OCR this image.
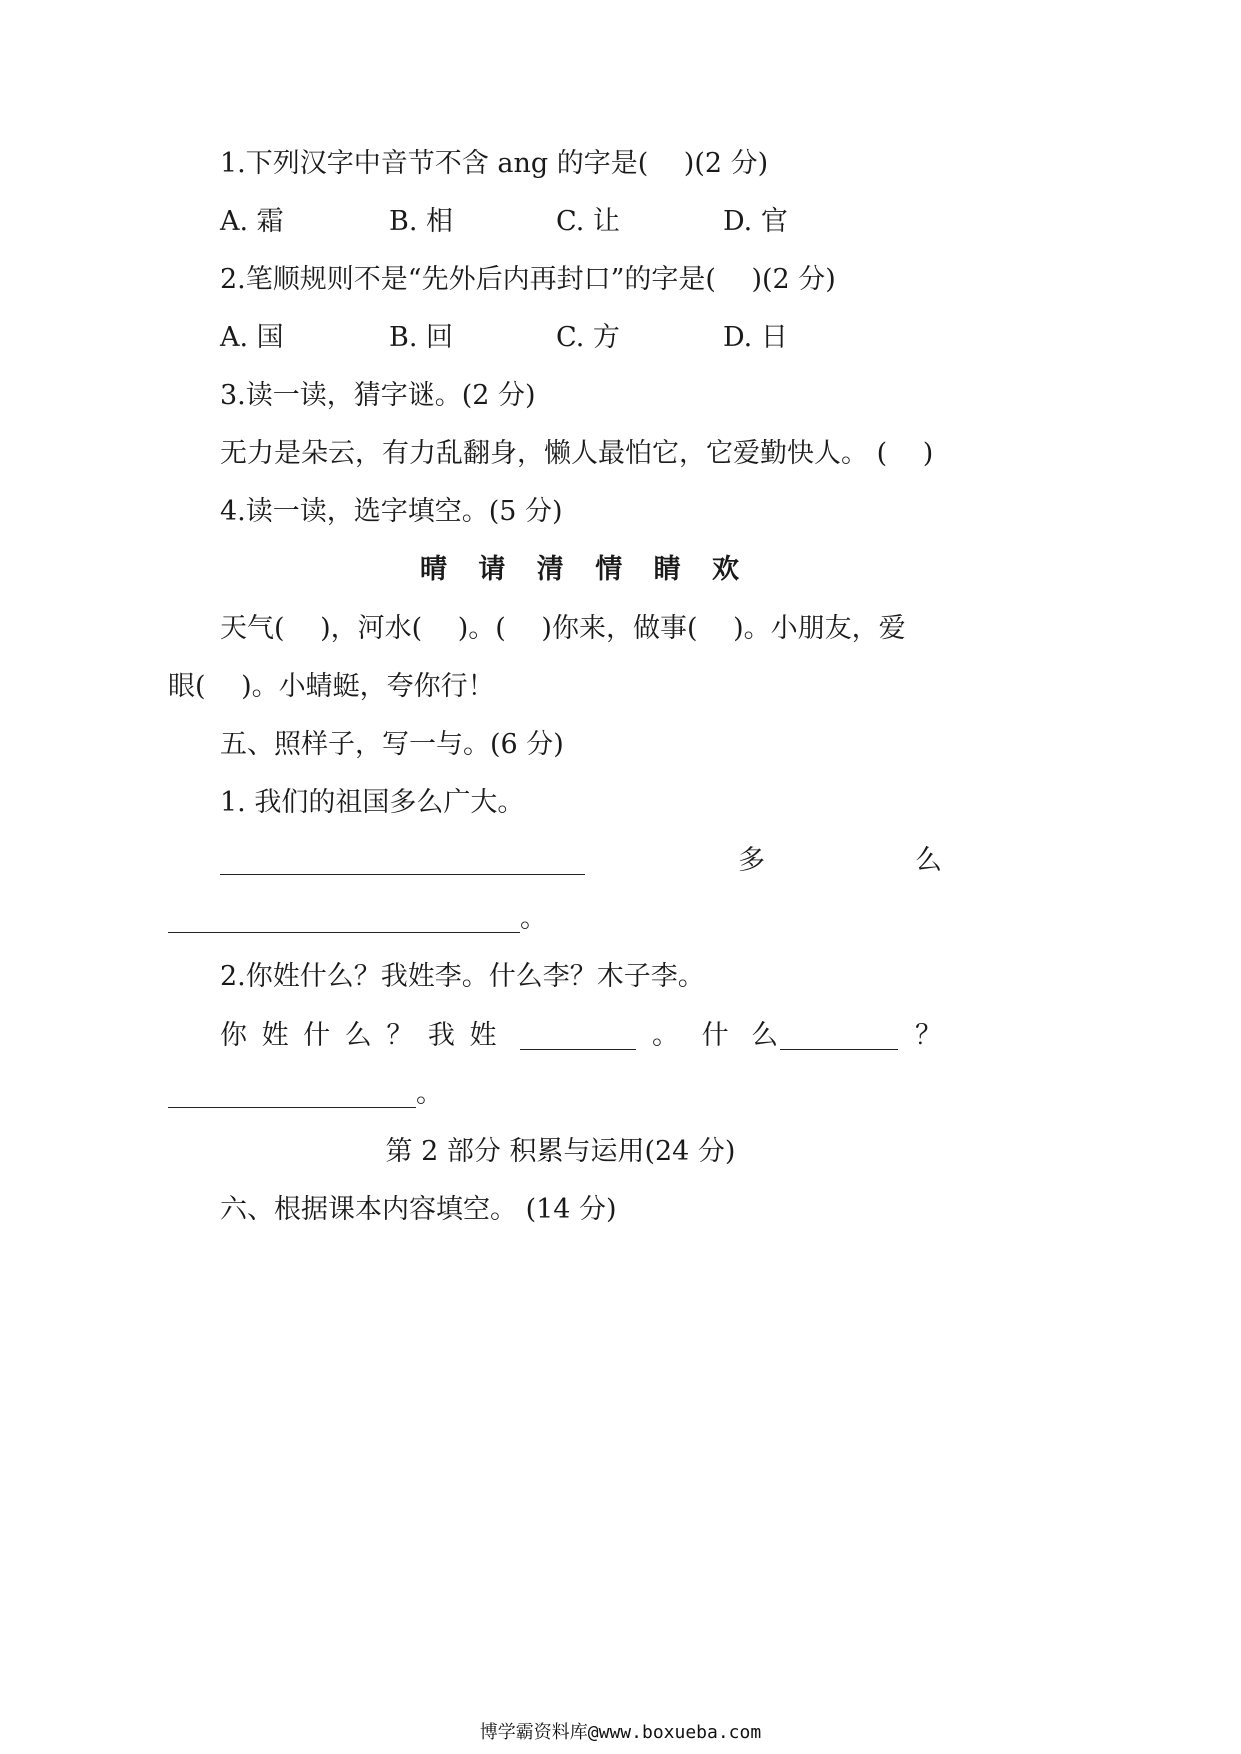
1.下列汉字中音节不含 ang 的字是(　 )(2 分)
A. 霜	B. 相	C. 让	D. 官
2.笔顺规则不是“先外后内再封口”的字是(　 )(2 分)
A. 国	B. 回	C. 方	D. 日
3.读一读，猜字谜。(2 分)
无力是朵云，有力乱翻身，懒人最怕它，它爱勤快人。 (　 )
4.读一读，选字填空。(5 分)
晴 请 清 情 睛 欢
天气(　 )，河水(　 )。(　 )你来，做事(　 )。小朋友，爱
眼(　 )。小蜻蜓，夸你行！
五、照样子，写一与。(6 分)
1. 我们的祖国多么广大。
多	么
。
2.你姓什么？我姓李。什么李？木子李。
你 姓 什 么 ？ 我 姓	。 什 么	？
。
第 2 部分 积累与运用(24 分)
六、根据课本内容填空。 (14 分)
博学霸资料库@www.boxueba.com
